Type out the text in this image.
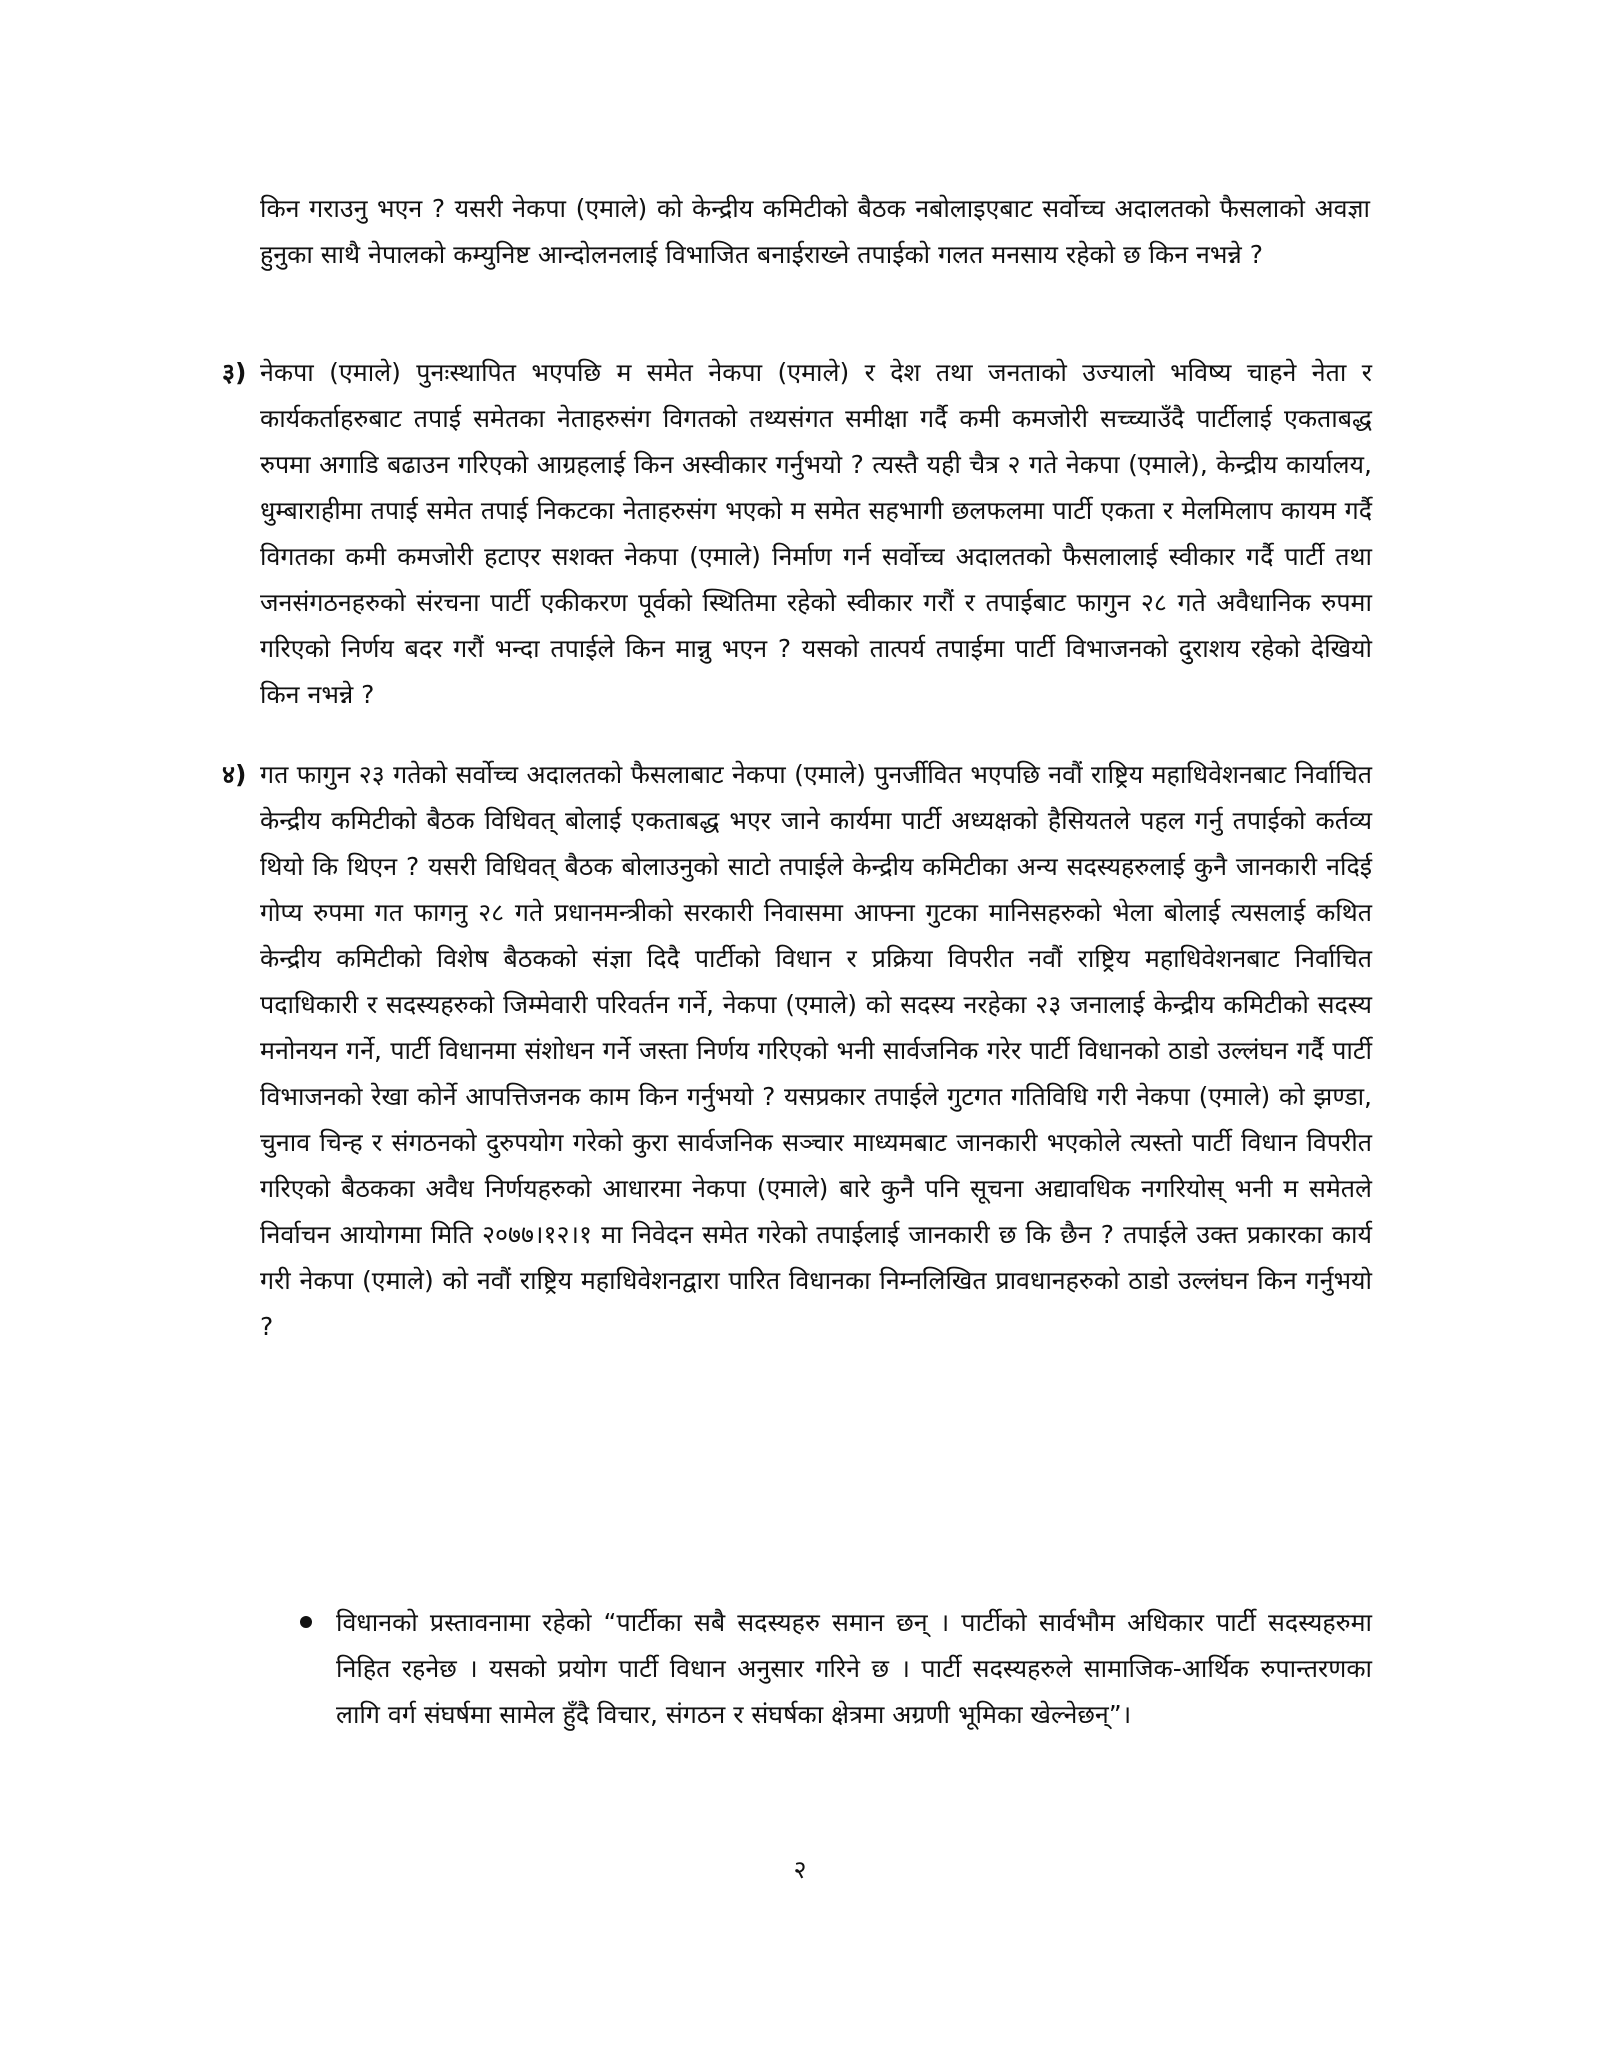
किन गराउनु भएन ? यसरी नेकपा (एमाले) को केन्द्रीय कमिटीको बैठक नबोलाइएबाट सर्वोच्च अदालतको फैसलाको अवज्ञा हुनुका साथै नेपालको कम्युनिष्ट आन्दोलनलाई विभाजित बनाईराख्ने तपाईको गलत मनसाय रहेको छ किन नभन्ने ?
३) नेकपा (एमाले) पुनःस्थापित भएपछि म समेत नेकपा (एमाले) र देश तथा जनताको उज्यालो भविष्य चाहने नेता र कार्यकर्ताहरुबाट तपाई समेतका नेताहरुसंग विगतको तथ्यसंगत समीक्षा गर्दै कमी कमजोरी सच्च्याउँदै पार्टीलाई एकताबद्ध रुपमा अगाडि बढाउन गरिएको आग्रहलाई किन अस्वीकार गर्नुभयो ? त्यस्तै यही चैत्र २ गते नेकपा (एमाले), केन्द्रीय कार्यालय, धुम्बाराहीमा तपाई समेत तपाई निकटका नेताहरुसंग भएको म समेत सहभागी छलफलमा पार्टी एकता र मेलमिलाप कायम गर्दै विगतका कमी कमजोरी हटाएर सशक्त नेकपा (एमाले) निर्माण गर्न सर्वोच्च अदालतको फैसलालाई स्वीकार गर्दै पार्टी तथा जनसंगठनहरुको संरचना पार्टी एकीकरण पूर्वको स्थितिमा रहेको स्वीकार गरौं र तपाईबाट फागुन २८ गते अवैधानिक रुपमा गरिएको निर्णय बदर गरौं भन्दा तपाईले किन मान्नु भएन ? यसको तात्पर्य तपाईमा पार्टी विभाजनको दुराशय रहेको देखियो किन नभन्ने ?
४) गत फागुन २३ गतेको सर्वोच्च अदालतको फैसलाबाट नेकपा (एमाले) पुनर्जीवित भएपछि नवौं राष्ट्रिय महाधिवेशनबाट निर्वाचित केन्द्रीय कमिटीको बैठक विधिवत् बोलाई एकताबद्ध भएर जाने कार्यमा पार्टी अध्यक्षको हैसियतले पहल गर्नु तपाईको कर्तव्य थियो कि थिएन ? यसरी विधिवत् बैठक बोलाउनुको साटो तपाईले केन्द्रीय कमिटीका अन्य सदस्यहरुलाई कुनै जानकारी नदिई गोप्य रुपमा गत फागनु २८ गते प्रधानमन्त्रीको सरकारी निवासमा आफ्ना गुटका मानिसहरुको भेला बोलाई त्यसलाई कथित केन्द्रीय कमिटीको विशेष बैठकको संज्ञा दिदै पार्टीको विधान र प्रक्रिया विपरीत नवौं राष्ट्रिय महाधिवेशनबाट निर्वाचित पदाधिकारी र सदस्यहरुको जिम्मेवारी परिवर्तन गर्ने, नेकपा (एमाले) को सदस्य नरहेका २३ जनालाई केन्द्रीय कमिटीको सदस्य मनोनयन गर्ने, पार्टी विधानमा संशोधन गर्ने जस्ता निर्णय गरिएको भनी सार्वजनिक गरेर पार्टी विधानको ठाडो उल्लंघन गर्दै पार्टी विभाजनको रेखा कोर्ने आपत्तिजनक काम किन गर्नुभयो ? यसप्रकार तपाईले गुटगत गतिविधि गरी नेकपा (एमाले) को झण्डा, चुनाव चिन्ह र संगठनको दुरुपयोग गरेको कुरा सार्वजनिक सञ्चार माध्यमबाट जानकारी भएकोले त्यस्तो पार्टी विधान विपरीत गरिएको बैठकका अवैध निर्णयहरुको आधारमा नेकपा (एमाले) बारे कुनै पनि सूचना अद्यावधिक नगरियोस् भनी म समेतले निर्वाचन आयोगमा मिति २०७७।१२।१ मा निवेदन समेत गरेको तपाईलाई जानकारी छ कि छैन ? तपाईले उक्त प्रकारका कार्य गरी नेकपा (एमाले) को नवौं राष्ट्रिय महाधिवेशनद्वारा पारित विधानका निम्नलिखित प्रावधानहरुको ठाडो उल्लंघन किन गर्नुभयो ?
विधानको प्रस्तावनामा रहेको “पार्टीका सबै सदस्यहरु समान छन् । पार्टीको सार्वभौम अधिकार पार्टी सदस्यहरुमा निहित रहनेछ । यसको प्रयोग पार्टी विधान अनुसार गरिने छ । पार्टी सदस्यहरुले सामाजिक-आर्थिक रुपान्तरणका लागि वर्ग संघर्षमा सामेल हुँदै विचार, संगठन र संघर्षका क्षेत्रमा अग्रणी भूमिका खेल्नेछन्”।
२
